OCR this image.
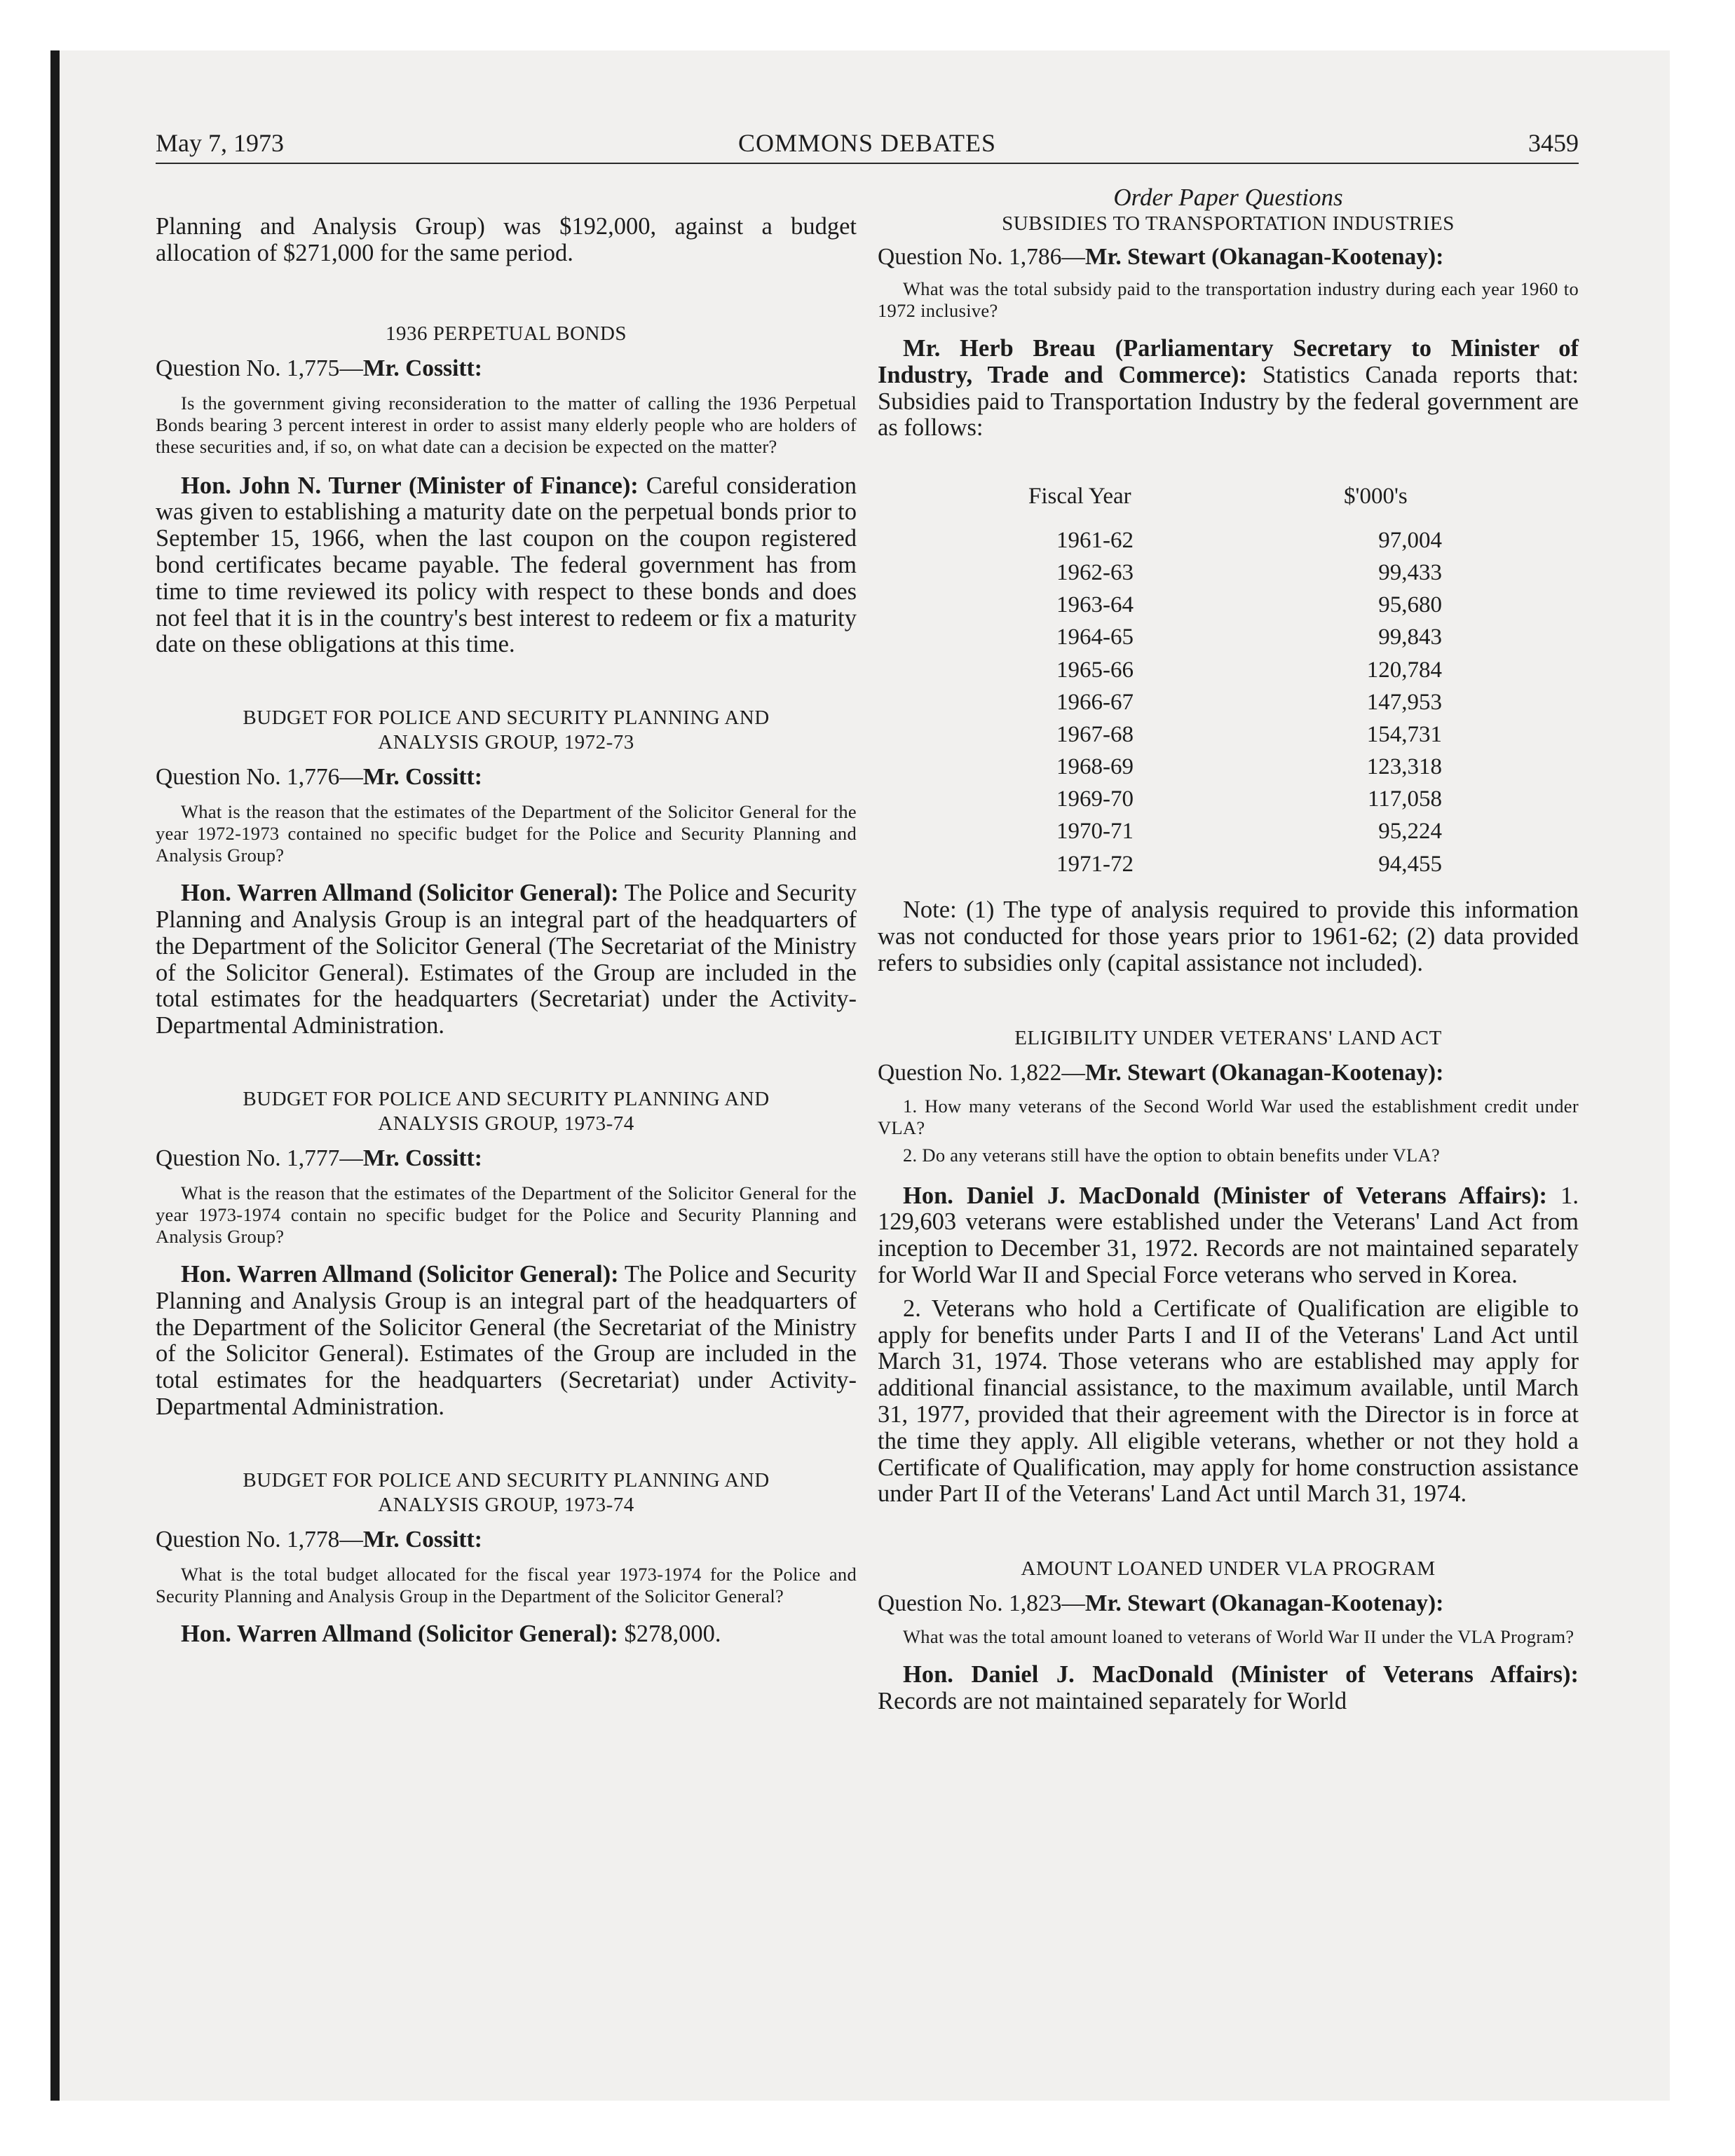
COMMONS DEBATES
May 7, 1973	3459

Planning and Analysis Group) was $192,000, against a budget allocation of $271,000 for the same period.

1936 PERPETUAL BONDS

Question No. 1,775—Mr. Cossitt:

Is the government giving reconsideration to the matter of calling the 1936 Perpetual Bonds bearing 3 percent interest in order to assist many elderly people who are holders of these securities and, if so, on what date can a decision be expected on the matter?

Hon. John N. Turner (Minister of Finance): Careful consideration was given to establishing a maturity date on the perpetual bonds prior to September 15, 1966, when the last coupon on the coupon registered bond certificates became payable. The federal government has from time to time reviewed its policy with respect to these bonds and does not feel that it is in the country's best interest to redeem or fix a maturity date on these obligations at this time.

BUDGET FOR POLICE AND SECURITY PLANNING AND
ANALYSIS GROUP, 1972-73

Question No. 1,776—Mr. Cossitt:

What is the reason that the estimates of the Department of the Solicitor General for the year 1972-1973 contained no specific budget for the Police and Security Planning and Analysis Group?

Hon. Warren Allmand (Solicitor General): The Police and Security Planning and Analysis Group is an integral part of the headquarters of the Department of the Solicitor General (The Secretariat of the Ministry of the Solicitor General). Estimates of the Group are included in the total estimates for the headquarters (Secretariat) under the Activity-Departmental Administration.

BUDGET FOR POLICE AND SECURITY PLANNING AND
ANALYSIS GROUP, 1973-74

Question No. 1,777—Mr. Cossitt:

What is the reason that the estimates of the Department of the Solicitor General for the year 1973-1974 contain no specific budget for the Police and Security Planning and Analysis Group?

Hon. Warren Allmand (Solicitor General): The Police and Security Planning and Analysis Group is an integral part of the headquarters of the Department of the Solicitor General (the Secretariat of the Ministry of the Solicitor General). Estimates of the Group are included in the total estimates for the headquarters (Secretariat) under Activity-Departmental Administration.

BUDGET FOR POLICE AND SECURITY PLANNING AND
ANALYSIS GROUP, 1973-74

Question No. 1,778—Mr. Cossitt:

What is the total budget allocated for the fiscal year 1973-1974 for the Police and Security Planning and Analysis Group in the Department of the Solicitor General?

Hon. Warren Allmand (Solicitor General): $278,000.

Order Paper Questions

SUBSIDIES TO TRANSPORTATION INDUSTRIES

Question No. 1,786—Mr. Stewart (Okanagan-Kootenay):

What was the total subsidy paid to the transportation industry during each year 1960 to 1972 inclusive?

Mr. Herb Breau (Parliamentary Secretary to Minister of Industry, Trade and Commerce): Statistics Canada reports that: Subsidies paid to Transportation Industry by the federal government are as follows:

Fiscal Year	$'000's
1961-62	97,004
1962-63	99,433
1963-64	95,680
1964-65	99,843
1965-66	120,784
1966-67	147,953
1967-68	154,731
1968-69	123,318
1969-70	117,058
1970-71	95,224
1971-72	94,455

Note: (1) The type of analysis required to provide this information was not conducted for those years prior to 1961-62; (2) data provided refers to subsidies only (capital assistance not included).

ELIGIBILITY UNDER VETERANS' LAND ACT

Question No. 1,822—Mr. Stewart (Okanagan-Kootenay):

1. How many veterans of the Second World War used the establishment credit under VLA?

2. Do any veterans still have the option to obtain benefits under VLA?

Hon. Daniel J. MacDonald (Minister of Veterans Affairs): 1. 129,603 veterans were established under the Veterans' Land Act from inception to December 31, 1972. Records are not maintained separately for World War II and Special Force veterans who served in Korea.

2. Veterans who hold a Certificate of Qualification are eligible to apply for benefits under Parts I and II of the Veterans' Land Act until March 31, 1974. Those veterans who are established may apply for additional financial assistance, to the maximum available, until March 31, 1977, provided that their agreement with the Director is in force at the time they apply. All eligible veterans, whether or not they hold a Certificate of Qualification, may apply for home construction assistance under Part II of the Veterans' Land Act until March 31, 1974.

AMOUNT LOANED UNDER VLA PROGRAM

Question No. 1,823—Mr. Stewart (Okanagan-Kootenay):

What was the total amount loaned to veterans of World War II under the VLA Program?

Hon. Daniel J. MacDonald (Minister of Veterans Affairs): Records are not maintained separately for World
